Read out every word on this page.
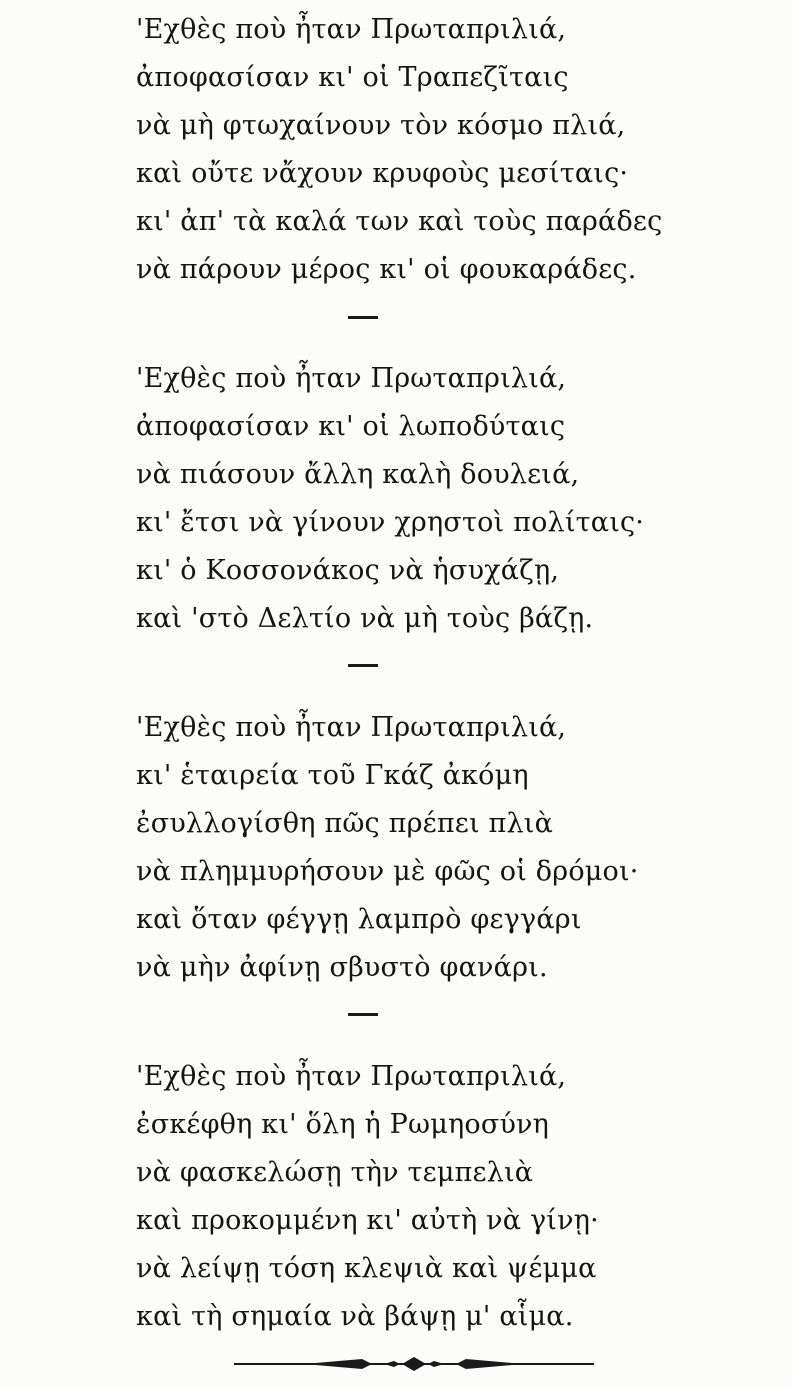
'Εχθὲς ποὺ ἦταν Πρωταπριλιά,
ἀποφασίσαν κι' οἱ Τραπεζῖταις
νὰ μὴ φτωχαίνουν τὸν κόσμο πλιά,
καὶ οὔτε νἄχουν κρυφοὺς μεσίταις·
κι' ἀπ' τὰ καλά των καὶ τοὺς παράδες
νὰ πάρουν μέρος κι' οἱ φουκαράδες.
'Εχθὲς ποὺ ἦταν Πρωταπριλιά,
ἀποφασίσαν κι' οἱ λωποδύταις
νὰ πιάσουν ἄλλη καλὴ δουλειά,
κι' ἔτσι νὰ γίνουν χρηστοὶ πολίταις·
κι' ὁ Κοσσονάκος νὰ ἡσυχάζῃ,
καὶ 'στὸ Δελτίο νὰ μὴ τοὺς βάζῃ.
'Εχθὲς ποὺ ἦταν Πρωταπριλιά,
κι' ἑταιρεία τοῦ Γκάζ ἀκόμη
ἐσυλλογίσθη πῶς πρέπει πλιὰ
νὰ πλημμυρήσουν μὲ φῶς οἱ δρόμοι·
καὶ ὅταν φέγγῃ λαμπρὸ φεγγάρι
νὰ μὴν ἀφίνῃ σβυστὸ φανάρι.
'Εχθὲς ποὺ ἦταν Πρωταπριλιά,
ἐσκέφθη κι' ὅλη ἡ Ρωμηοσύνη
νὰ φασκελώσῃ τὴν τεμπελιὰ
καὶ προκομμένη κι' αὐτὴ νὰ γίνῃ·
νὰ λείψῃ τόση κλεψιὰ καὶ ψέμμα
καὶ τὴ σημαία νὰ βάψῃ μ' αἷμα.
